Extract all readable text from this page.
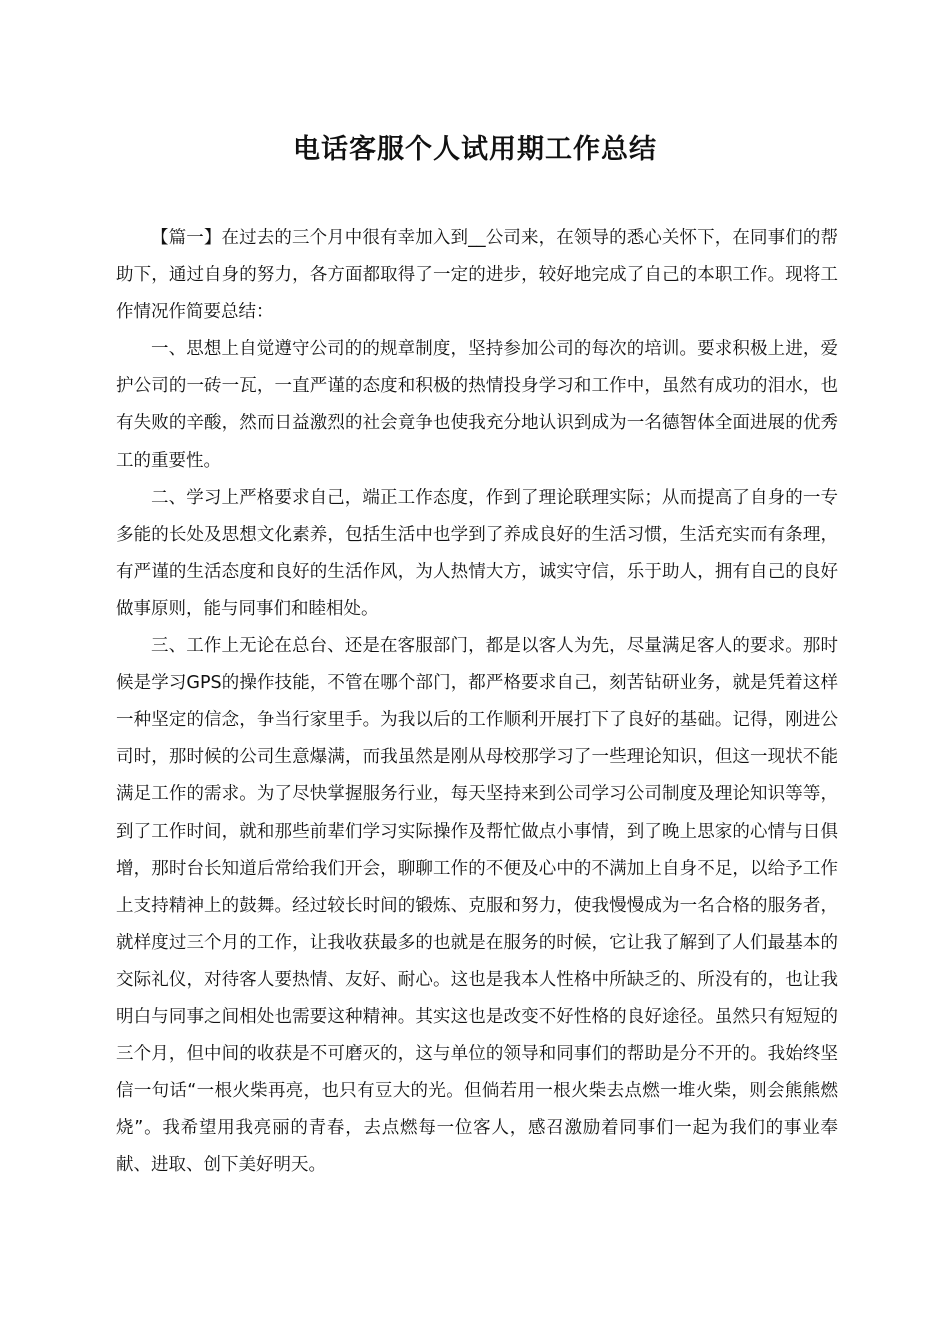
电话客服个人试用期工作总结

【篇一】在过去的三个月中很有幸加入到__公司来，在领导的悉心关怀下，在同事们的帮助下，通过自身的努力，各方面都取得了一定的进步，较好地完成了自己的本职工作。现将工作情况作简要总结：

一、思想上自觉遵守公司的的规章制度，坚持参加公司的每次的培训。要求积极上进，爱护公司的一砖一瓦，一直严谨的态度和积极的热情投身学习和工作中，虽然有成功的泪水，也有失败的辛酸，然而日益激烈的社会竟争也使我充分地认识到成为一名德智体全面进展的优秀工的重要性。

二、学习上严格要求自己，端正工作态度，作到了理论联理实际；从而提高了自身的一专多能的长处及思想文化素养，包括生活中也学到了养成良好的生活习惯，生活充实而有条理，有严谨的生活态度和良好的生活作风，为人热情大方，诚实守信，乐于助人，拥有自己的良好做事原则，能与同事们和睦相处。

三、工作上无论在总台、还是在客服部门，都是以客人为先，尽量满足客人的要求。那时候是学习GPS的操作技能，不管在哪个部门，都严格要求自己，刻苦钻研业务，就是凭着这样一种坚定的信念，争当行家里手。为我以后的工作顺利开展打下了良好的基础。记得，刚进公司时，那时候的公司生意爆满，而我虽然是刚从母校那学习了一些理论知识，但这一现状不能满足工作的需求。为了尽快掌握服务行业，每天坚持来到公司学习公司制度及理论知识等等，到了工作时间，就和那些前辈们学习实际操作及帮忙做点小事情，到了晚上思家的心情与日俱增，那时台长知道后常给我们开会，聊聊工作的不便及心中的不满加上自身不足，以给予工作上支持精神上的鼓舞。经过较长时间的锻炼、克服和努力，使我慢慢成为一名合格的服务者，就样度过三个月的工作，让我收获最多的也就是在服务的时候，它让我了解到了人们最基本的交际礼仪，对待客人要热情、友好、耐心。这也是我本人性格中所缺乏的、所没有的，也让我明白与同事之间相处也需要这种精神。其实这也是改变不好性格的良好途径。虽然只有短短的三个月，但中间的收获是不可磨灭的，这与单位的领导和同事们的帮助是分不开的。我始终坚信一句话“一根火柴再亮，也只有豆大的光。但倘若用一根火柴去点燃一堆火柴，则会熊熊燃烧”。我希望用我亮丽的青春，去点燃每一位客人，感召激励着同事们一起为我们的事业奉献、进取、创下美好明天。
